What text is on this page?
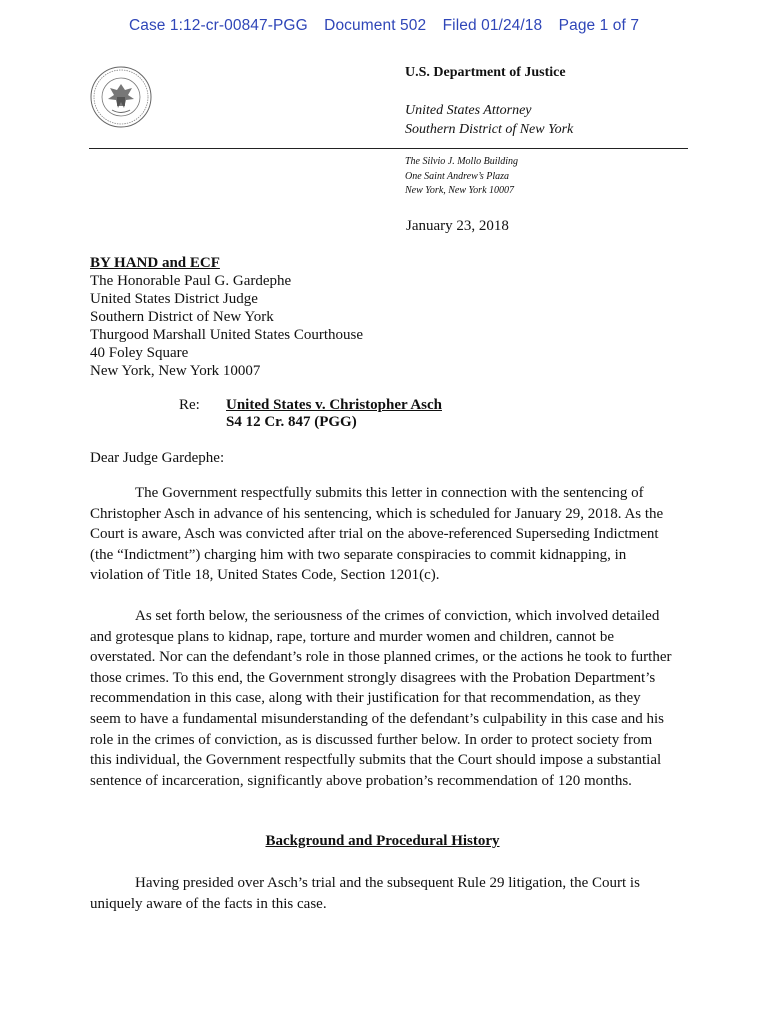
Case 1:12-cr-00847-PGG Document 502 Filed 01/24/18 Page 1 of 7
U.S. Department of Justice
United States Attorney
Southern District of New York
The Silvio J. Mollo Building
One Saint Andrew’s Plaza
New York, New York 10007
January 23, 2018
BY HAND and ECF
The Honorable Paul G. Gardephe
United States District Judge
Southern District of New York
Thurgood Marshall United States Courthouse
40 Foley Square
New York, New York 10007
Re: United States v. Christopher Asch
S4 12 Cr. 847 (PGG)
Dear Judge Gardephe:

The Government respectfully submits this letter in connection with the sentencing of Christopher Asch in advance of his sentencing, which is scheduled for January 29, 2018. As the Court is aware, Asch was convicted after trial on the above-referenced Superseding Indictment (the “Indictment”) charging him with two separate conspiracies to commit kidnapping, in violation of Title 18, United States Code, Section 1201(c).

As set forth below, the seriousness of the crimes of conviction, which involved detailed and grotesque plans to kidnap, rape, torture and murder women and children, cannot be overstated. Nor can the defendant’s role in those planned crimes, or the actions he took to further those crimes. To this end, the Government strongly disagrees with the Probation Department’s recommendation in this case, along with their justification for that recommendation, as they seem to have a fundamental misunderstanding of the defendant’s culpability in this case and his role in the crimes of conviction, as is discussed further below. In order to protect society from this individual, the Government respectfully submits that the Court should impose a substantial sentence of incarceration, significantly above probation’s recommendation of 120 months.

Background and Procedural History

Having presided over Asch’s trial and the subsequent Rule 29 litigation, the Court is uniquely aware of the facts in this case.
